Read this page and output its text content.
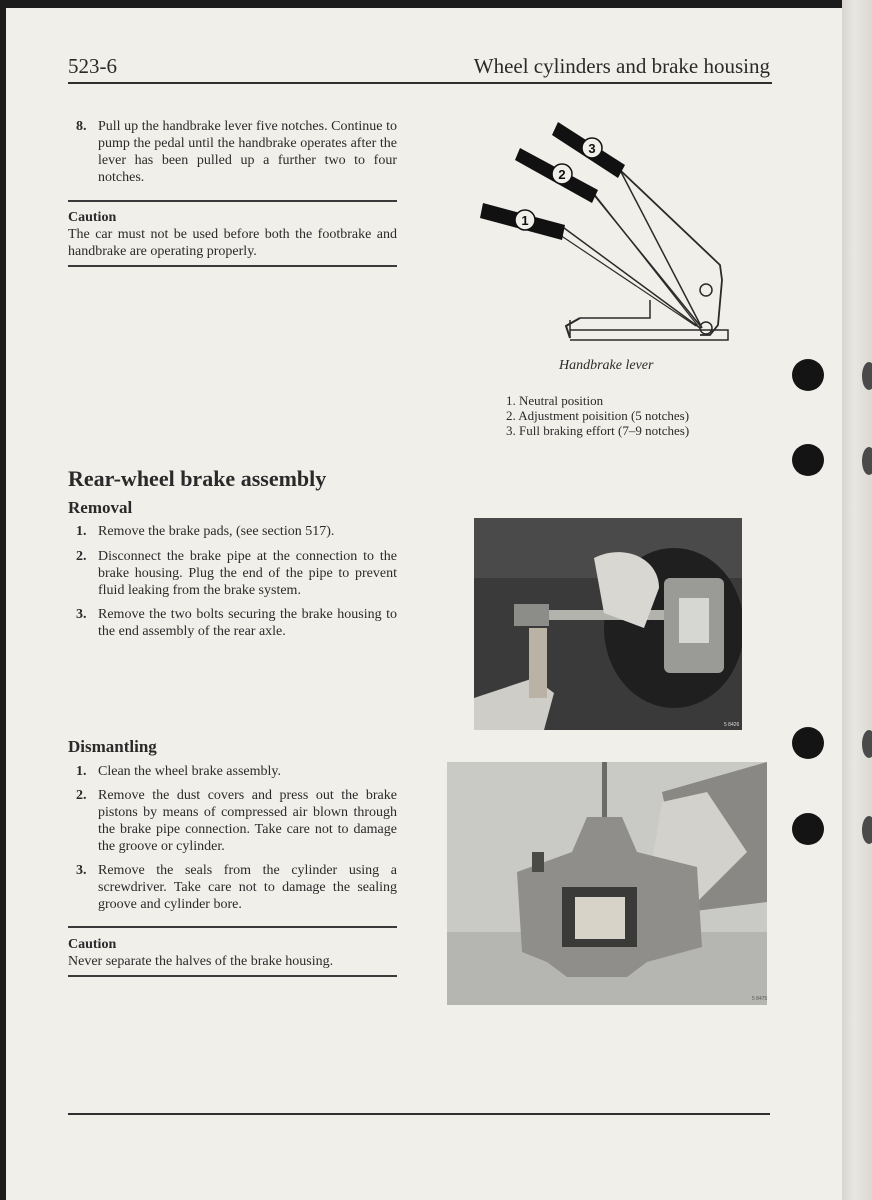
523-6	Wheel cylinders and brake housing
8. Pull up the handbrake lever five notches. Continue to pump the pedal until the handbrake operates after the lever has been pulled up a further two to four notches.
Caution
The car must not be used before both the footbrake and handbrake are operating properly.
3
2
1
Handbrake lever
1. Neutral position
2. Adjustment poisition (5 notches)
3. Full braking effort (7–9 notches)
Rear-wheel brake assembly
Removal
1. Remove the brake pads, (see section 517).
2. Disconnect the brake pipe at the connection to the brake housing. Plug the end of the pipe to prevent fluid leaking from the brake system.
3. Remove the two bolts securing the brake housing to the end assembly of the rear axle.
5 8426
Dismantling
1. Clean the wheel brake assembly.
2. Remove the dust covers and press out the brake pistons by means of compressed air blown through the brake pipe connection. Take care not to damage the groove or cylinder.
3. Remove the seals from the cylinder using a screwdriver. Take care not to damage the sealing groove and cylinder bore.
Caution
Never separate the halves of the brake housing.
5 8475
